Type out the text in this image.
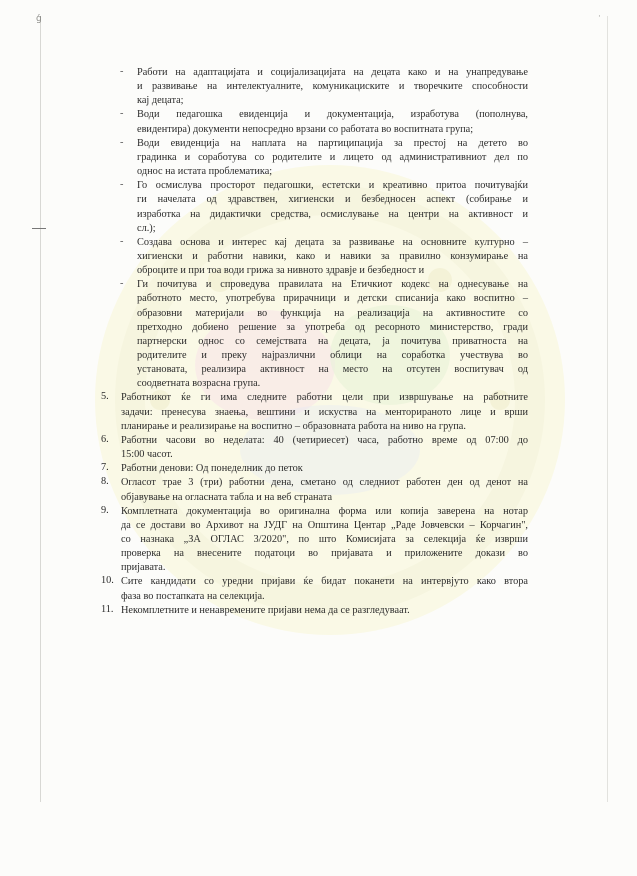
ǵ	·
- Работи на адаптацијата и социјализацијата на децата како и на унапредување
и развивање на интелектуалните, комуникациските и творечките способности
кај децата;
- Води педагошка евиденција и документација, изработува (пополнува,
евидентира) документи непосредно врзани со работата во воспитната група;
- Води евиденција на наплата на партиципација за престој на детето во
градинка и соработува со родителите и лицето од административниот дел по
однос на истата проблематика;
- Го осмислува просторот педагошки, естетски и креативно притоа почитувајќи
ги начелата од здравствен, хигиенски и безбедносен аспект (собирање и
изработка на дидактички средства, осмислување на центри на активност и
сл.);
- Создава основа и интерес кај децата за развивање на основните културно –
хигиенски и работни навики, како и навики за правилно конзумирање на
оброците и при тоа води грижа за нивното здравје и безбедност и
- Ги почитува и спроведува правилата на Етичкиот кодекс на однесување на
работното место, употребува прирачници и детски списанија како воспитно –
образовни материјали во функција на реализација на активностите со
претходно добиено решение за употреба од ресорното министерство, гради
партнерски однос со семејствата на децата, ја почитува приватноста на
родителите и преку најразлични облици на соработка учествува во
установата, реализира активност на место на отсутен воспитувач од
соодветната возрасна група.
5. Работникот ќе ги има следните работни цели при извршување на работните
задачи: пренесува знаења, вештини и искуства на менторираното лице и врши
планирање и реализирање на воспитно – образовната работа на ниво на група.
6. Работни часови во неделата: 40 (четириесет) часа, работно време од 07:00 до
15:00 часот.
7. Работни денови: Од понеделник до петок
8. Огласот трае 3 (три) работни дена, сметано од следниот работен ден од денот на
објавување на огласната табла и на веб страната
9. Комплетната документација во оригинална форма или копија заверена на нотар
да се достави во Архивот на ЈУДГ на Општина Центар „Раде Јовчевски – Корчагин",
со назнака „ЗА ОГЛАС 3/2020", по што Комисијата за селекција ќе изврши
проверка на внесените податоци во пријавата и приложените докази во
пријавата.
10. Сите кандидати со уредни пријави ќе бидат поканети на интервјуто како втора
фаза во постапката на селекција.
11. Некомплетните и ненавремените пријави нема да се разгледуваат.
